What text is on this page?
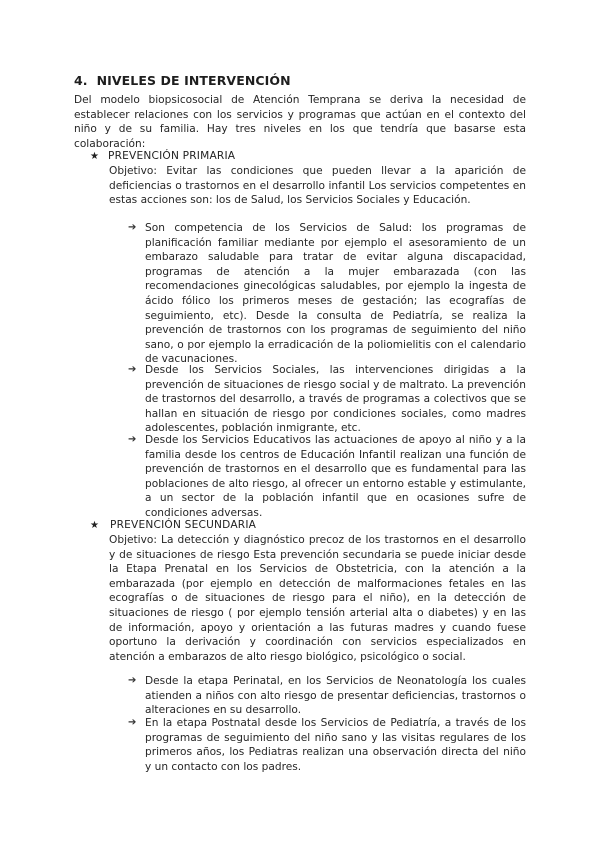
4. NIVELES DE INTERVENCIÓN
Del modelo biopsicosocial de Atención Temprana se deriva la necesidad de establecer relaciones con los servicios y programas que actúan en el contexto del niño y de su familia. Hay tres niveles en los que tendría que basarse esta colaboración:
★ PREVENCIÓN PRIMARIA
Objetivo: Evitar las condiciones que pueden llevar a la aparición de deficiencias o trastornos en el desarrollo infantil Los servicios competentes en estas acciones son: los de Salud, los Servicios Sociales y Educación.
➔ Son competencia de los Servicios de Salud: los programas de planificación familiar mediante por ejemplo el asesoramiento de un embarazo saludable para tratar de evitar alguna discapacidad, programas de atención a la mujer embarazada (con las recomendaciones ginecológicas saludables, por ejemplo la ingesta de ácido fólico los primeros meses de gestación; las ecografías de seguimiento, etc). Desde la consulta de Pediatría, se realiza la prevención de trastornos con los programas de seguimiento del niño sano, o por ejemplo la erradicación de la poliomielitis con el calendario de vacunaciones.
➔ Desde los Servicios Sociales, las intervenciones dirigidas a la prevención de situaciones de riesgo social y de maltrato. La prevención de trastornos del desarrollo, a través de programas a colectivos que se hallan en situación de riesgo por condiciones sociales, como madres adolescentes, población inmigrante, etc.
➔ Desde los Servicios Educativos las actuaciones de apoyo al niño y a la familia desde los centros de Educación Infantil realizan una función de prevención de trastornos en el desarrollo que es fundamental para las poblaciones de alto riesgo, al ofrecer un entorno estable y estimulante, a un sector de la población infantil que en ocasiones sufre de condiciones adversas.
★ PREVENCIÓN SECUNDARIA
Objetivo: La detección y diagnóstico precoz de los trastornos en el desarrollo y de situaciones de riesgo Esta prevención secundaria se puede iniciar desde la Etapa Prenatal en los Servicios de Obstetricia, con la atención a la embarazada (por ejemplo en detección de malformaciones fetales en las ecografías o de situaciones de riesgo para el niño), en la detección de situaciones de riesgo ( por ejemplo tensión arterial alta o diabetes) y en las de información, apoyo y orientación a las futuras madres y cuando fuese oportuno la derivación y coordinación con servicios especializados en atención a embarazos de alto riesgo biológico, psicológico o social.
➔ Desde la etapa Perinatal, en los Servicios de Neonatología los cuales atienden a niños con alto riesgo de presentar deficiencias, trastornos o alteraciones en su desarrollo.
➔ En la etapa Postnatal desde los Servicios de Pediatría, a través de los programas de seguimiento del niño sano y las visitas regulares de los primeros años, los Pediatras realizan una observación directa del niño y un contacto con los padres.
